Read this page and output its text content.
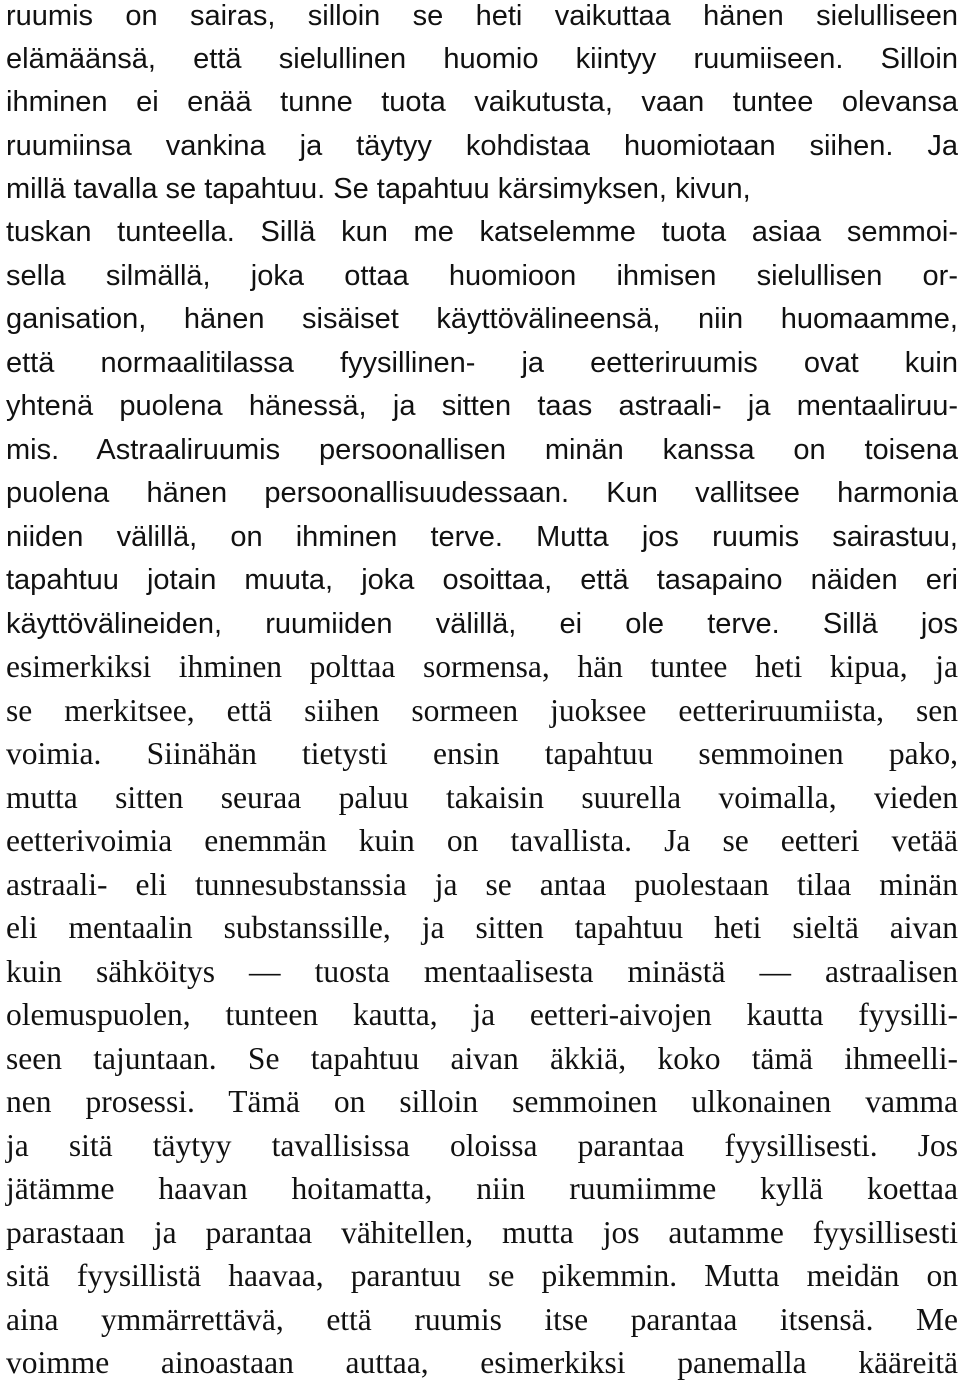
ruumis on sairas, silloin se heti vaikuttaa hänen sielulliseen
elämäänsä, että sielullinen huomio kiintyy ruumiiseen. Silloin
ihminen ei enää tunne tuota vaikutusta, vaan tuntee olevansa
ruumiinsa vankina ja täytyy kohdistaa huomiotaan siihen. Ja
millä tavalla se tapahtuu. Se tapahtuu kärsimyksen, kivun,
tuskan tunteella. Sillä kun me katselemme tuota asiaa semmoi-
sella silmällä, joka ottaa huomioon ihmisen sielullisen or-
ganisation, hänen sisäiset käyttövälineensä, niin huomaamme,
että normaalitilassa fyysillinen- ja eetteriruumis ovat kuin
yhtenä puolena hänessä, ja sitten taas astraali- ja mentaaliruu-
mis. Astraaliruumis persoonallisen minän kanssa on toisena
puolena hänen persoonallisuudessaan. Kun vallitsee harmonia
niiden välillä, on ihminen terve. Mutta jos ruumis sairastuu,
tapahtuu jotain muuta, joka osoittaa, että tasapaino näiden eri
käyttövälineiden, ruumiiden välillä, ei ole terve. Sillä jos
esimerkiksi ihminen polttaa sormensa, hän tuntee heti kipua, ja
se merkitsee, että siihen sormeen juoksee eetteriruumiista, sen
voimia. Siinähän tietysti ensin tapahtuu semmoinen pako,
mutta sitten seuraa paluu takaisin suurella voimalla, vieden
eetterivoimia enemmän kuin on tavallista. Ja se eetteri vetää
astraali- eli tunnesubstanssia ja se antaa puolestaan tilaa minän
eli mentaalin substanssille, ja sitten tapahtuu heti sieltä aivan
kuin sähköitys — tuosta mentaalisesta minästä — astraalisen
olemuspuolen, tunteen kautta, ja eetteri-aivojen kautta fyysilli-
seen tajuntaan. Se tapahtuu aivan äkkiä, koko tämä ihmeelli-
nen prosessi. Tämä on silloin semmoinen ulkonainen vamma
ja sitä täytyy tavallisissa oloissa parantaa fyysillisesti. Jos
jätämme haavan hoitamatta, niin ruumiimme kyllä koettaa
parastaan ja parantaa vähitellen, mutta jos autamme fyysillisesti
sitä fyysillistä haavaa, parantuu se pikemmin. Mutta meidän on
aina ymmärrettävä, että ruumis itse parantaa itsensä. Me
voimme ainoastaan auttaa, esimerkiksi panemalla kääreitä
